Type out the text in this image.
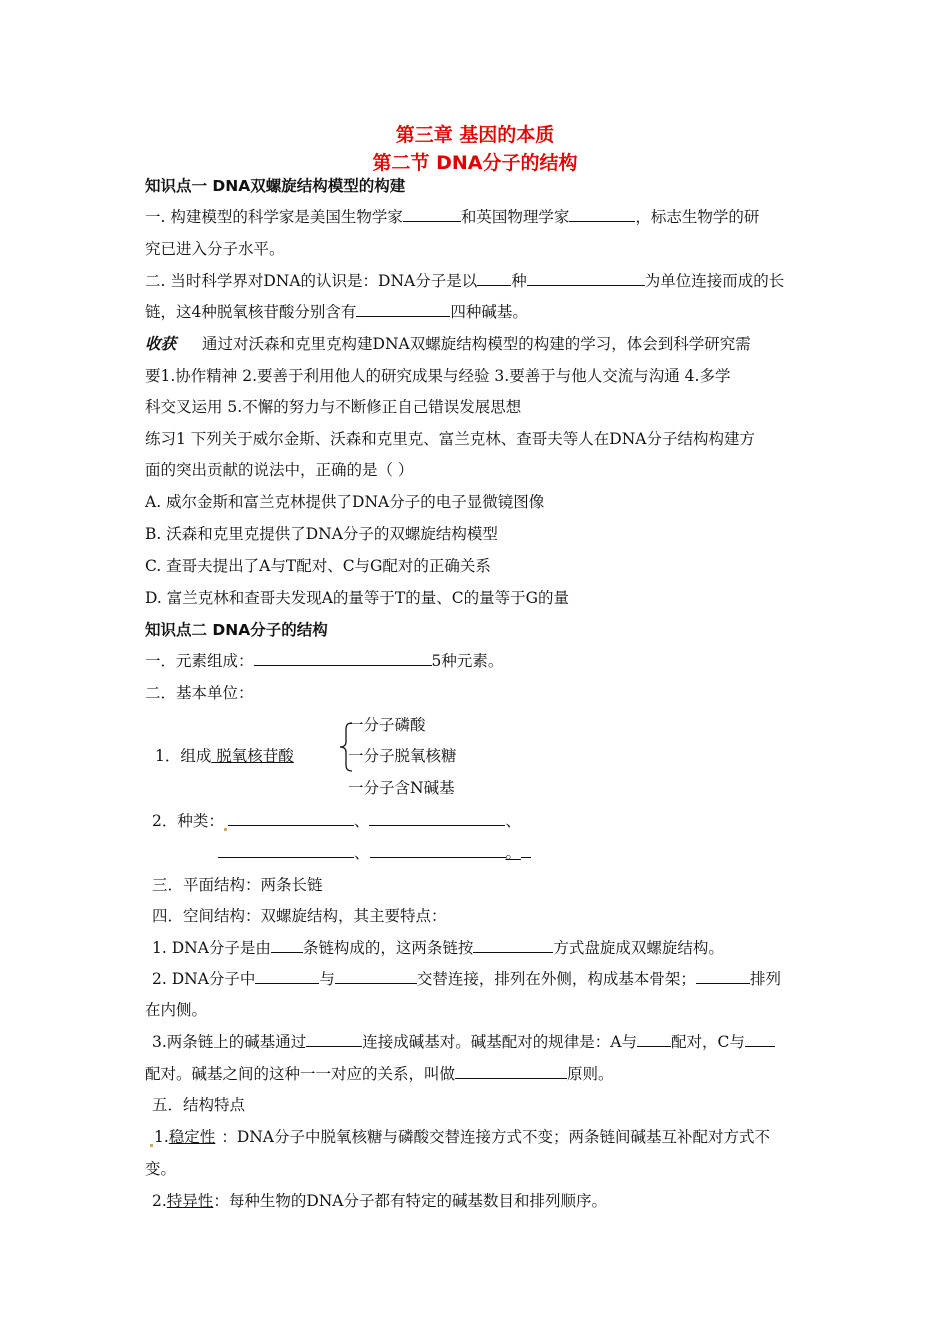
第三章 基因的本质
第二节 DNA分子的结构
知识点一 DNA双螺旋结构模型的构建
一. 构建模型的科学家是美国生物学家	和英国物理学家	，标志生物学的研
究已进入分子水平。
二. 当时科学界对DNA的认识是：DNA分子是以 种	为单位连接而成的长
链，这4种脱氧核苷酸分别含有	四种碱基。
收获 通过对沃森和克里克构建DNA双螺旋结构模型的构建的学习，体会到科学研究需
要1.协作精神 2.要善于利用他人的研究成果与经验 3.要善于与他人交流与沟通 4.多学
科交叉运用 5.不懈的努力与不断修正自己错误发展思想
练习1 下列关于威尔金斯、沃森和克里克、富兰克林、查哥夫等人在DNA分子结构构建方
面的突出贡献的说法中，正确的是（ ）
A. 威尔金斯和富兰克林提供了DNA分子的电子显微镜图像
B. 沃森和克里克提供了DNA分子的双螺旋结构模型
C. 查哥夫提出了A与T配对、C与G配对的正确关系
D. 富兰克林和查哥夫发现A的量等于T的量、C的量等于G的量
知识点二 DNA分子的结构
一．元素组成：	5种元素。
二．基本单位：
一分子磷酸
1．组成 脱氧核苷酸	一分子脱氧核糖
一分子含N碱基
2．种类：	、	、
、	。
三．平面结构：两条长链
四．空间结构：双螺旋结构，其主要特点：
1. DNA分子是由 条链构成的，这两条链按	方式盘旋成双螺旋结构。
2. DNA分子中	与	交替连接，排列在外侧，构成基本骨架；	排列
在内侧。
3.两条链上的碱基通过	连接成碱基对。碱基配对的规律是：A与 配对，C与
配对。碱基之间的这种一一对应的关系，叫做	原则。
五．结构特点
1.稳定性 ：DNA分子中脱氧核糖与磷酸交替连接方式不变；两条链间碱基互补配对方式不
变。
2.特异性：每种生物的DNA分子都有特定的碱基数目和排列顺序。
